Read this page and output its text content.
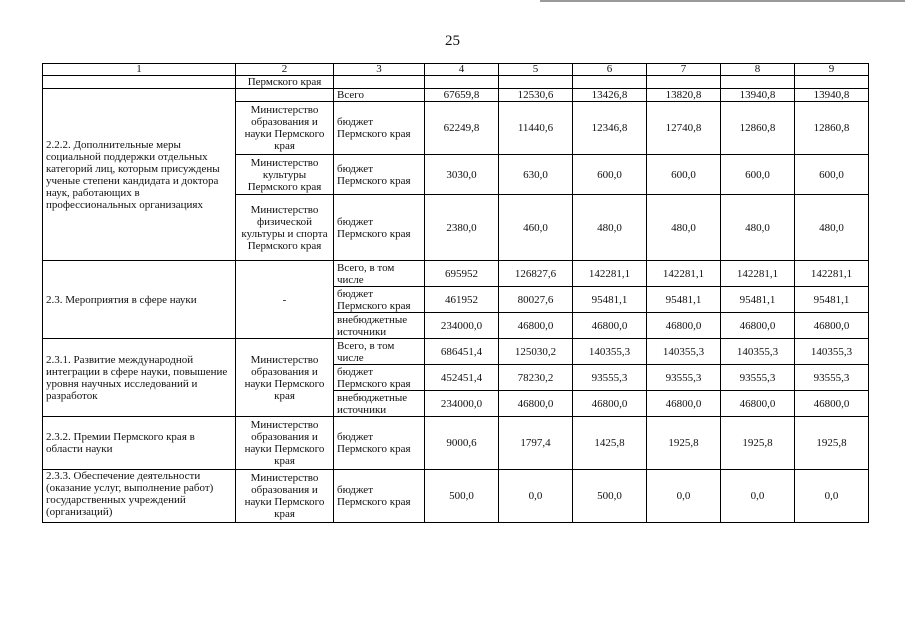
25
1	2	3	4	5	6	7	8	9
	Пермского края							
2.2.2. Дополнительные меры социальной поддержки отдельных категорий лиц, которым присуждены ученые степени кандидата и доктора наук, работающих в профессиональных организациях		Всего	67659,8	12530,6	13426,8	13820,8	13940,8	13940,8
	Министерство образования и науки Пермского края	бюджет Пермского края	62249,8	11440,6	12346,8	12740,8	12860,8	12860,8
	Министерство культуры Пермского края	бюджет Пермского края	3030,0	630,0	600,0	600,0	600,0	600,0
	Министерство физической культуры и спорта Пермского края	бюджет Пермского края	2380,0	460,0	480,0	480,0	480,0	480,0
2.3. Мероприятия в сфере науки	-	Всего, в том числе	695952	126827,6	142281,1	142281,1	142281,1	142281,1
		бюджет Пермского края	461952	80027,6	95481,1	95481,1	95481,1	95481,1
		внебюджетные источники	234000,0	46800,0	46800,0	46800,0	46800,0	46800,0
2.3.1. Развитие международной интеграции в сфере науки, повышение уровня научных исследований и разработок	Министерство образования и науки Пермского края	Всего, в том числе	686451,4	125030,2	140355,3	140355,3	140355,3	140355,3
		бюджет Пермского края	452451,4	78230,2	93555,3	93555,3	93555,3	93555,3
		внебюджетные источники	234000,0	46800,0	46800,0	46800,0	46800,0	46800,0
2.3.2. Премии Пермского края в области науки	Министерство образования и науки Пермского края	бюджет Пермского края	9000,6	1797,4	1425,8	1925,8	1925,8	1925,8
2.3.3. Обеспечение деятельности (оказание услуг, выполнение работ) государственных учреждений (организаций)	Министерство образования и науки Пермского края	бюджет Пермского края	500,0	0,0	500,0	0,0	0,0	0,0
